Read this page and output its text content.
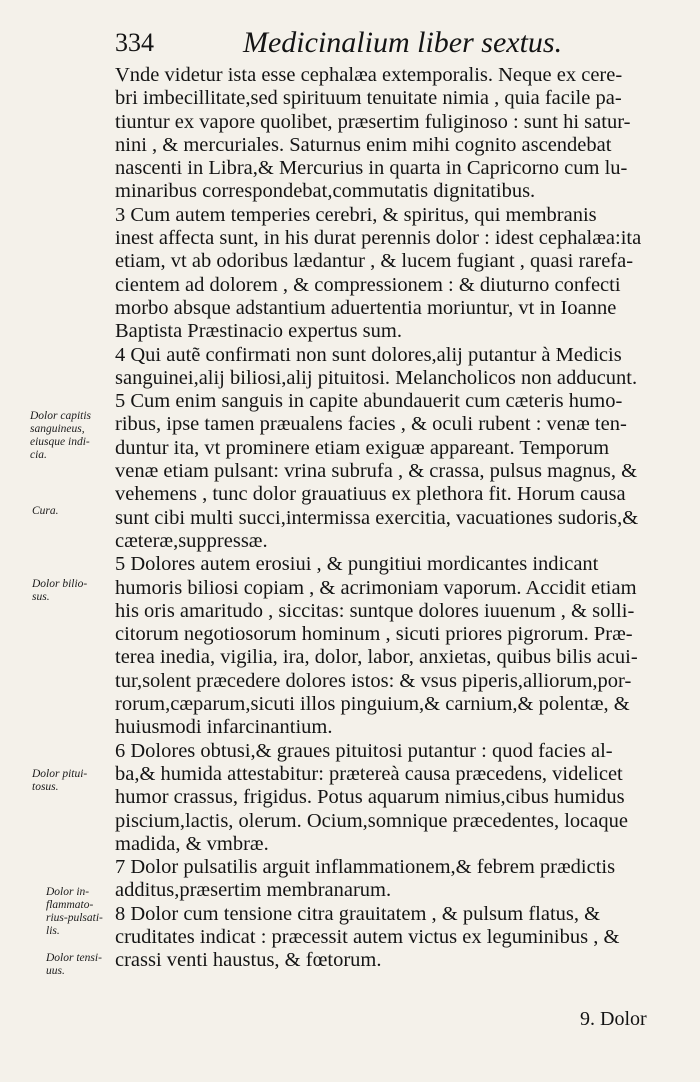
334	Medicinalium liber sextus.
Dolor capitis
sanguineus,
eiusque indi-
cia.
Cura.
Dolor bilio-
sus.
Dolor pitui-
tosus.
Dolor in-
flammato-
rius-pulsati-
lis.
Dolor tensi-
uus.
Vnde videtur ista esse cephalæa extemporalis. Neque ex cere-
bri imbecillitate,sed spirituum tenuitate nimia , quia facile pa-
tiuntur ex vapore quolibet, præsertim fuliginoso : sunt hi satur-
nini , & mercuriales. Saturnus enim mihi cognito ascendebat
nascenti in Libra,& Mercurius in quarta in Capricorno cum lu-
minaribus correspondebat,commutatis dignitatibus.
3 Cum autem temperies cerebri, & spiritus, qui membranis
inest affecta sunt, in his durat perennis dolor : idest cephalæa:ita
etiam, vt ab odoribus lædantur , & lucem fugiant , quasi rarefa-
cientem ad dolorem , & compressionem : & diuturno confecti
morbo absque adstantium aduertentia moriuntur, vt in Ioanne
Baptista Præstinacio expertus sum.
4 Qui autẽ confirmati non sunt dolores,alij putantur à Medicis
sanguinei,alij biliosi,alij pituitosi. Melancholicos non adducunt.
5 Cum enim sanguis in capite abundauerit cum cæteris humo-
ribus, ipse tamen præualens facies , & oculi rubent : venæ ten-
duntur ita, vt prominere etiam exiguæ appareant. Temporum
venæ etiam pulsant: vrina subrufa , & crassa, pulsus magnus, &
vehemens , tunc dolor grauatiuus ex plethora fit. Horum causa
sunt cibi multi succi,intermissa exercitia, vacuationes sudoris,&
cæteræ,suppressæ.
5 Dolores autem erosiui , & pungitiui mordicantes indicant
humoris biliosi copiam , & acrimoniam vaporum. Accidit etiam
his oris amaritudo , siccitas: suntque dolores iuuenum , & solli-
citorum negotiosorum hominum , sicuti priores pigrorum. Præ-
terea inedia, vigilia, ira, dolor, labor, anxietas, quibus bilis acui-
tur,solent præcedere dolores istos: & vsus piperis,alliorum,por-
rorum,cæparum,sicuti illos pinguium,& carnium,& polentæ, &
huiusmodi infarcinantium.
6 Dolores obtusi,& graues pituitosi putantur : quod facies al-
ba,& humida attestabitur: prætereà causa præcedens, videlicet
humor crassus, frigidus. Potus aquarum nimius,cibus humidus
piscium,lactis, olerum. Ocium,somnique præcedentes, locaque
madida, & vmbræ.
7 Dolor pulsatilis arguit inflammationem,& febrem prædictis
additus,præsertim membranarum.
8 Dolor cum tensione citra grauitatem , & pulsum flatus, &
cruditates indicat : præcessit autem victus ex leguminibus , &
crassi venti haustus, & fœtorum.
9. Dolor
